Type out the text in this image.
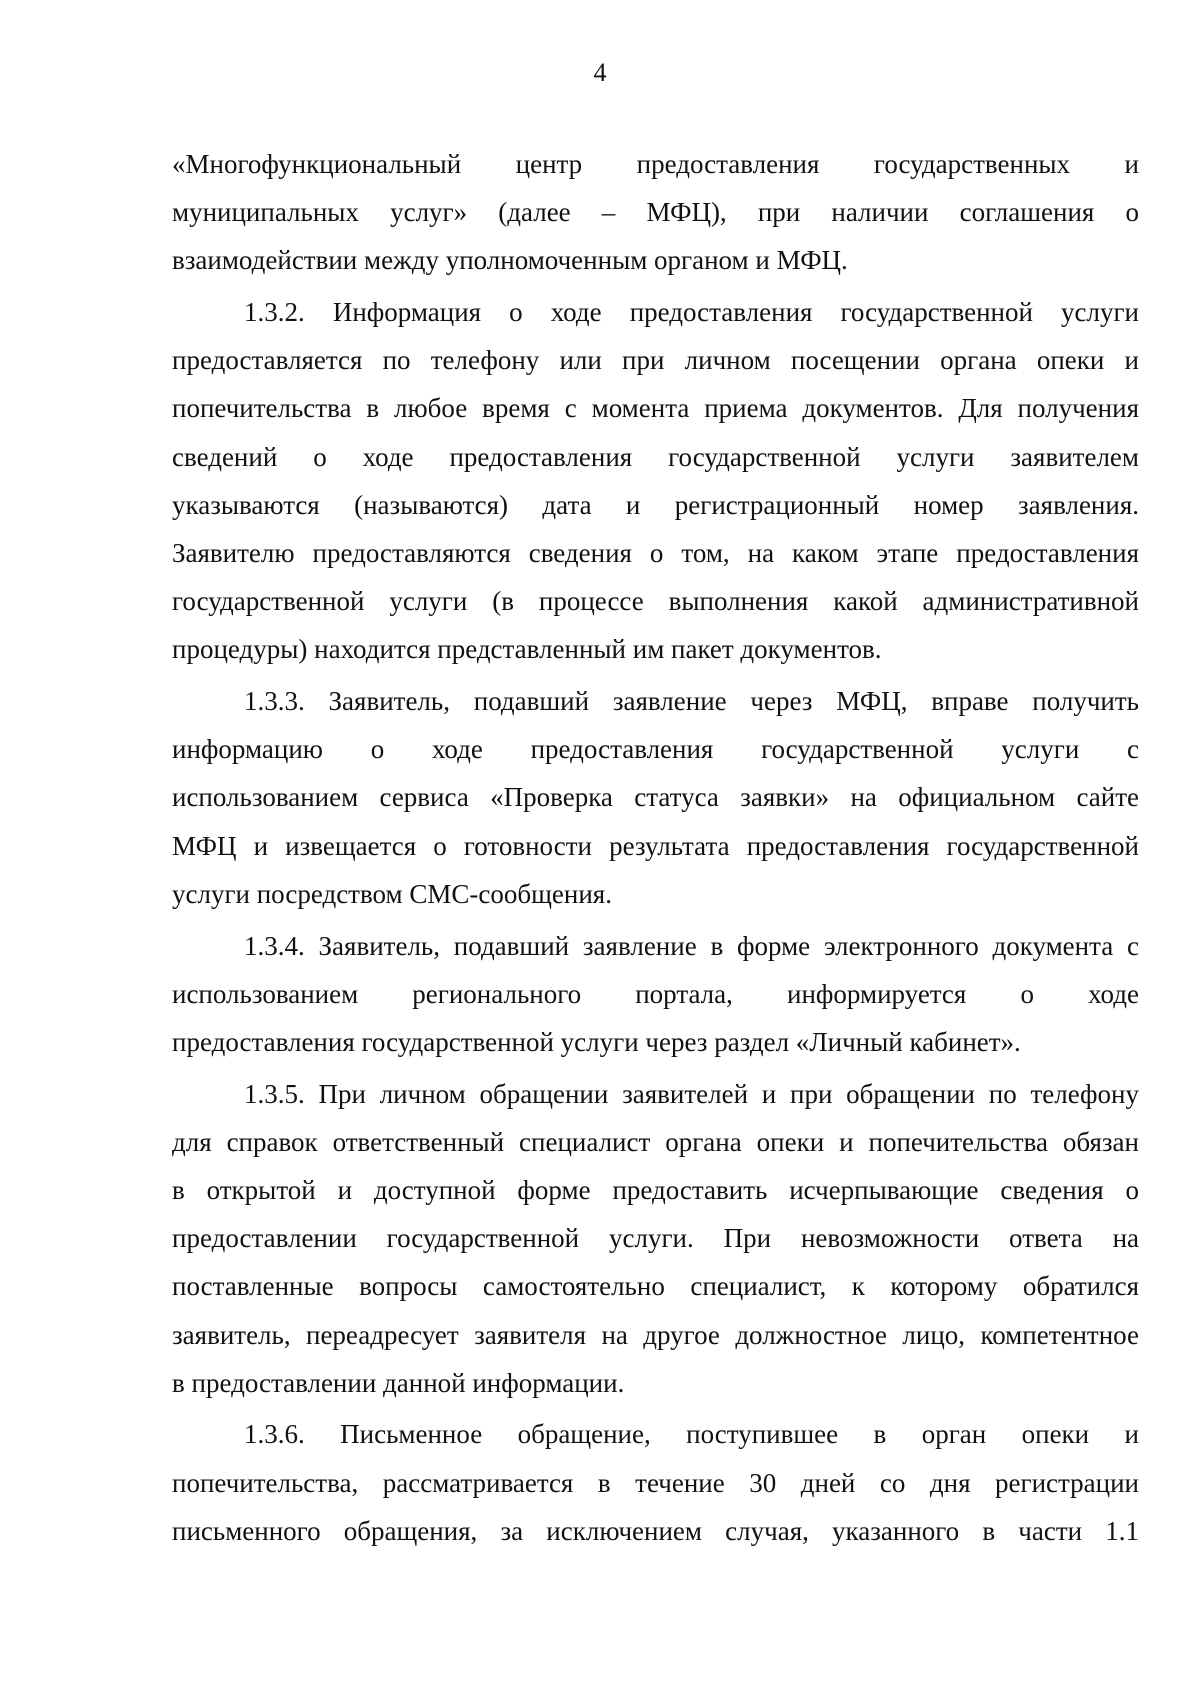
4
«Многофункциональный центр предоставления государственных и
муниципальных услуг» (далее – МФЦ), при наличии соглашения о
взаимодействии между уполномоченным органом и МФЦ.
1.3.2. Информация о ходе предоставления государственной услуги
предоставляется по телефону или при личном посещении органа опеки и
попечительства в любое время с момента приема документов. Для получения
сведений о ходе предоставления государственной услуги заявителем
указываются (называются) дата и регистрационный номер заявления.
Заявителю предоставляются сведения о том, на каком этапе предоставления
государственной услуги (в процессе выполнения какой административной
процедуры) находится представленный им пакет документов.
1.3.3. Заявитель, подавший заявление через МФЦ, вправе получить
информацию о ходе предоставления государственной услуги с
использованием сервиса «Проверка статуса заявки» на официальном сайте
МФЦ и извещается о готовности результата предоставления государственной
услуги посредством СМС-сообщения.
1.3.4. Заявитель, подавший заявление в форме электронного документа с
использованием регионального портала, информируется о ходе
предоставления государственной услуги через раздел «Личный кабинет».
1.3.5. При личном обращении заявителей и при обращении по телефону
для справок ответственный специалист органа опеки и попечительства обязан
в открытой и доступной форме предоставить исчерпывающие сведения о
предоставлении государственной услуги. При невозможности ответа на
поставленные вопросы самостоятельно специалист, к которому обратился
заявитель, переадресует заявителя на другое должностное лицо, компетентное
в предоставлении данной информации.
1.3.6. Письменное обращение, поступившее в орган опеки и
попечительства, рассматривается в течение 30 дней со дня регистрации
письменного обращения, за исключением случая, указанного в части 1.1
